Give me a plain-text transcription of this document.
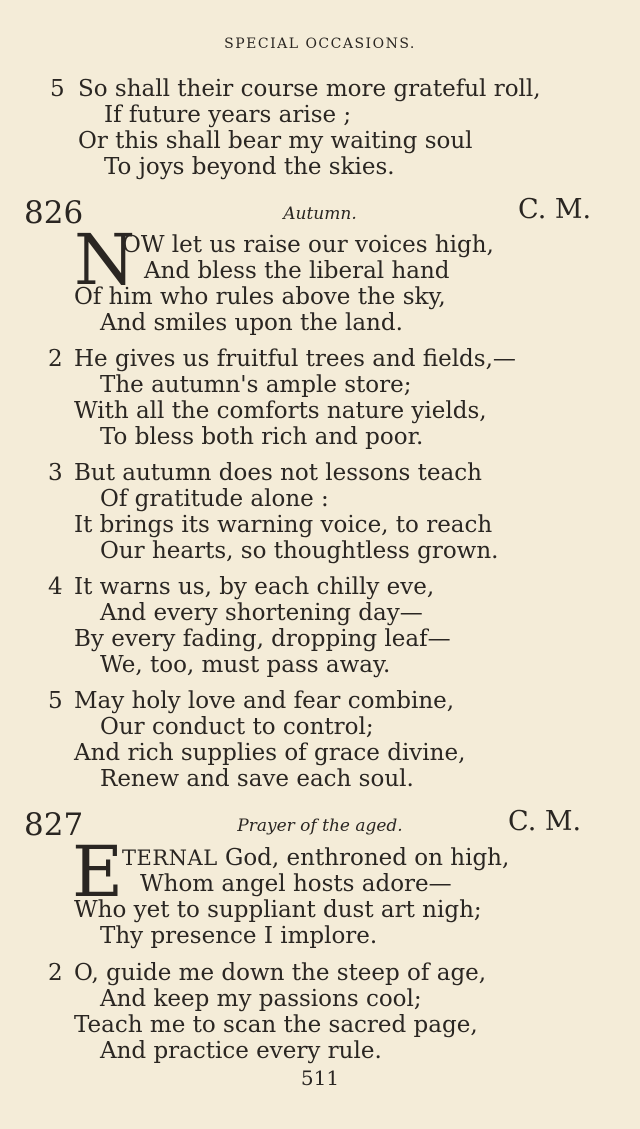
SPECIAL OCCASIONS.
5 So shall their course more grateful roll,
If future years arise ;
Or this shall bear my waiting soul
To joys beyond the skies.
826	Autumn.	C. M.
N
OW let us raise our voices high,
And bless the liberal hand
Of him who rules above the sky,
And smiles upon the land.
2 He gives us fruitful trees and fields,—
The autumn's ample store;
With all the comforts nature yields,
To bless both rich and poor.
3 But autumn does not lessons teach
Of gratitude alone :
It brings its warning voice, to reach
Our hearts, so thoughtless grown.
4 It warns us, by each chilly eve,
And every shortening day—
By every fading, dropping leaf—
We, too, must pass away.
5 May holy love and fear combine,
Our conduct to control;
And rich supplies of grace divine,
Renew and save each soul.
827	Prayer of the aged.	C. M.
E
TERNAL God, enthroned on high,
Whom angel hosts adore—
Who yet to suppliant dust art nigh;
Thy presence I implore.
2 O, guide me down the steep of age,
And keep my passions cool;
Teach me to scan the sacred page,
And practice every rule.
511
